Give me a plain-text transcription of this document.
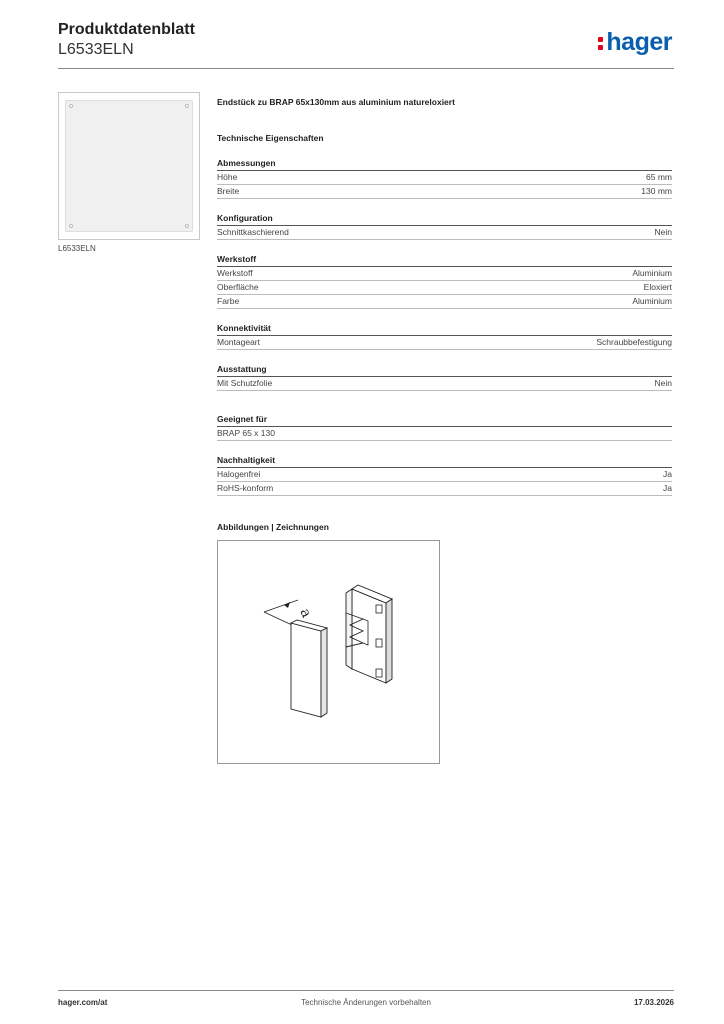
Produktdatenblatt
L6533ELN	hager
L6533ELN
Endstück zu BRAP 65x130mm aus aluminium natureloxiert
Technische Eigenschaften
Abmessungen
Höhe	65 mm
Breite	130 mm
Konfiguration
Schnittkaschierend	Nein
Werkstoff
Werkstoff	Aluminium
Oberfläche	Eloxiert
Farbe	Aluminium
Konnektivität
Montageart	Schraubbefestigung
Ausstattung
Mit Schutzfolie	Nein
Geeignet für
BRAP 65 x 130
Nachhaltigkeit
Halogenfrei	Ja
RoHS-konform	Ja
Abbildungen | Zeichnungen
a
hager.com/at	Technische Änderungen vorbehalten	17.03.2026
